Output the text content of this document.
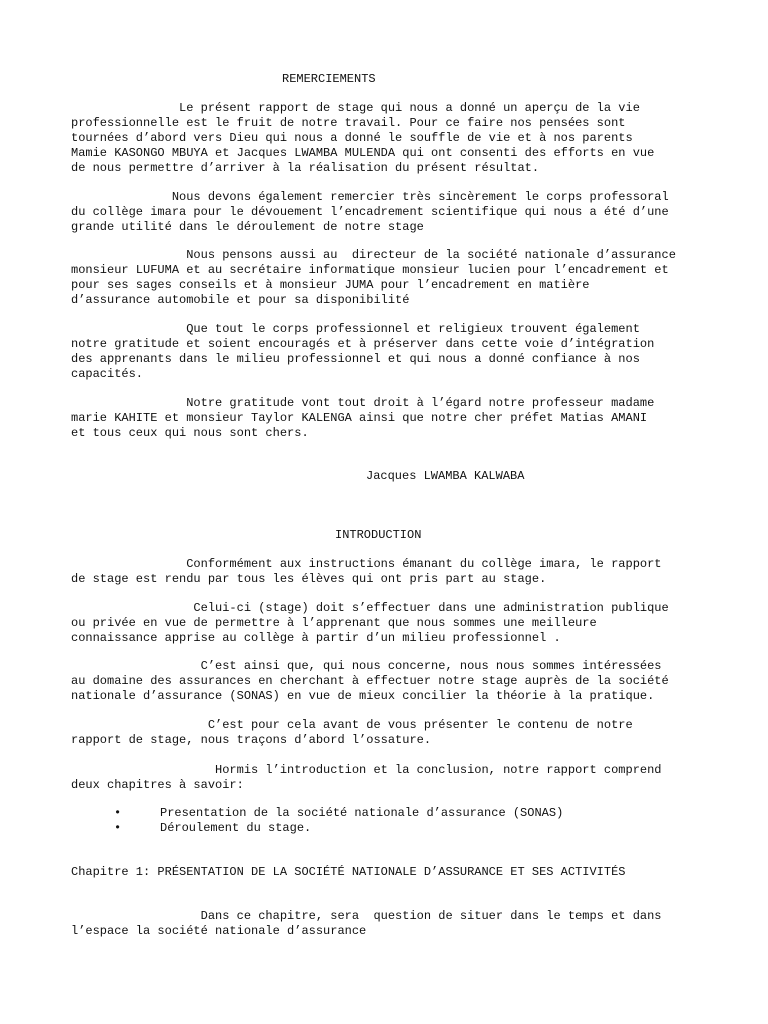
REMERCIEMENTS
Le présent rapport de stage qui nous a donné un aperçu de la vie
professionnelle est le fruit de notre travail. Pour ce faire nos pensées sont
tournées d’abord vers Dieu qui nous a donné le souffle de vie et à nos parents
Mamie KASONGO MBUYA et Jacques LWAMBA MULENDA qui ont consenti des efforts en vue
de nous permettre d’arriver à la réalisation du présent résultat.
Nous devons également remercier très sincèrement le corps professoral
du collège imara pour le dévouement l’encadrement scientifique qui nous a été d’une
grande utilité dans le déroulement de notre stage
Nous pensons aussi au  directeur de la société nationale d’assurance
monsieur LUFUMA et au secrétaire informatique monsieur lucien pour l’encadrement et
pour ses sages conseils et à monsieur JUMA pour l’encadrement en matière
d’assurance automobile et pour sa disponibilité
Que tout le corps professionnel et religieux trouvent également
notre gratitude et soient encouragés et à préserver dans cette voie d’intégration
des apprenants dans le milieu professionnel et qui nous a donné confiance à nos
capacités.
Notre gratitude vont tout droit à l’égard notre professeur madame
marie KAHITE et monsieur Taylor KALENGA ainsi que notre cher préfet Matias AMANI
et tous ceux qui nous sont chers.
Jacques LWAMBA KALWABA
INTRODUCTION
Conformément aux instructions émanant du collège imara, le rapport
de stage est rendu par tous les élèves qui ont pris part au stage.
Celui-ci (stage) doit s’effectuer dans une administration publique
ou privée en vue de permettre à l’apprenant que nous sommes une meilleure
connaissance apprise au collège à partir d’un milieu professionnel .
C’est ainsi que, qui nous concerne, nous nous sommes intéressées
au domaine des assurances en cherchant à effectuer notre stage auprès de la société
nationale d’assurance (SONAS) en vue de mieux concilier la théorie à la pratique.
C’est pour cela avant de vous présenter le contenu de notre
rapport de stage, nous traçons d’abord l’ossature.
Hormis l’introduction et la conclusion, notre rapport comprend
deux chapitres à savoir:
•	Presentation de la société nationale d’assurance (SONAS)
•	Déroulement du stage.
Chapitre 1: PRÉSENTATION DE LA SOCIÉTÉ NATIONALE D’ASSURANCE ET SES ACTIVITÉS
Dans ce chapitre, sera  question de situer dans le temps et dans
l’espace la société nationale d’assurance
